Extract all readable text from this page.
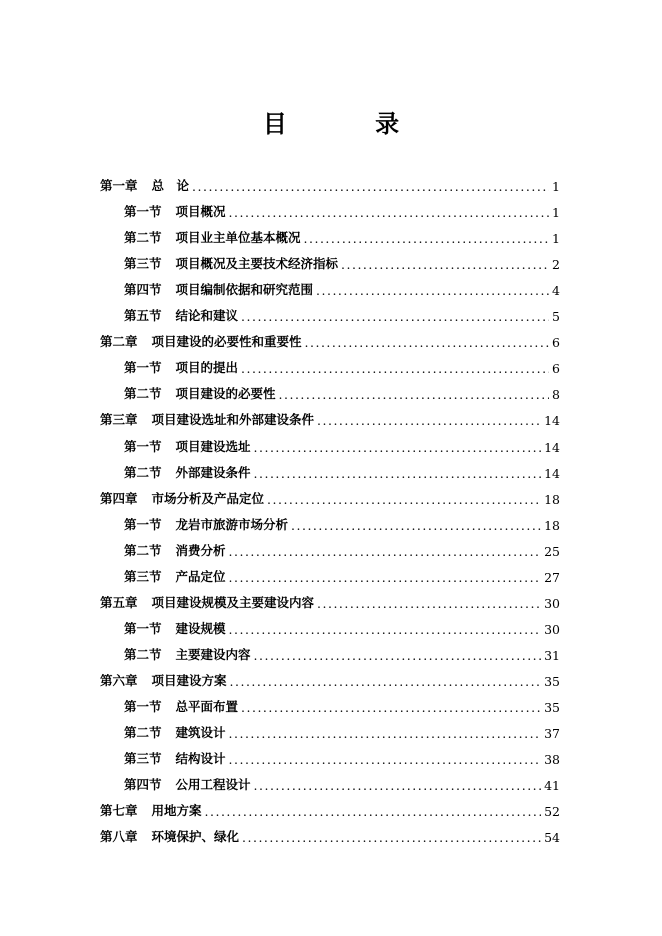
目 录
第一章 总　论 .....	1
第一节 项目概况 .....	1
第二节 项目业主单位基本概况 .....	1
第三节 项目概况及主要技术经济指标 .....	2
第四节 项目编制依据和研究范围 .....	4
第五节 结论和建议 .....	5
第二章 项目建设的必要性和重要性 .....	6
第一节 项目的提出 .....	6
第二节 项目建设的必要性 .....	8
第三章 项目建设选址和外部建设条件 .....	14
第一节 项目建设选址 .....	14
第二节 外部建设条件 .....	14
第四章 市场分析及产品定位 .....	18
第一节 龙岩市旅游市场分析 .....	18
第二节 消费分析 .....	25
第三节 产品定位 .....	27
第五章 项目建设规模及主要建设内容 .....	30
第一节 建设规模 .....	30
第二节 主要建设内容 .....	31
第六章 项目建设方案 .....	35
第一节 总平面布置 .....	35
第二节 建筑设计 .....	37
第三节 结构设计 .....	38
第四节 公用工程设计 .....	41
第七章 用地方案 .....	52
第八章 环境保护、绿化 .....	54
